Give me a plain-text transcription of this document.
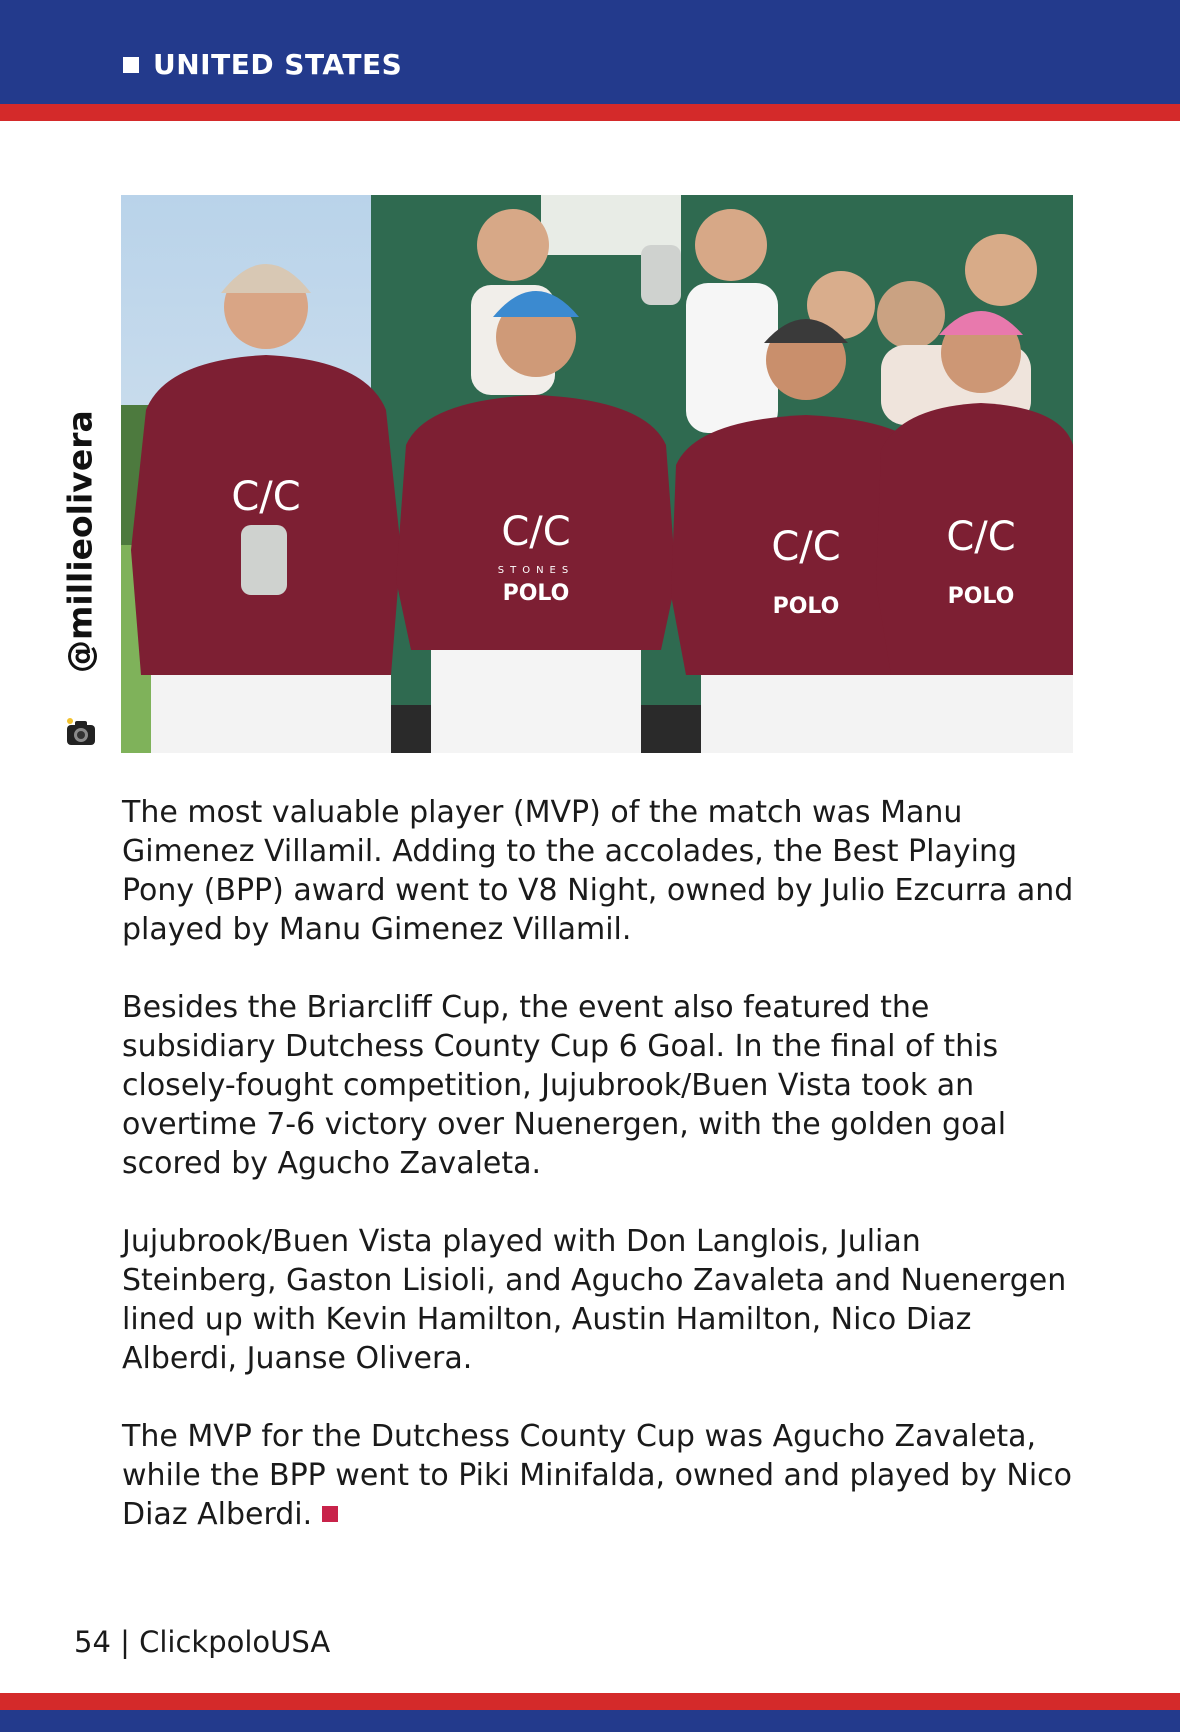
UNITED STATES
C/C
C/C
POLO
C/C
POLO
C/C
POLO
STONES
@millieolivera

The most valuable player (MVP) of the match was Manu Gimenez Villamil. Adding to the accolades, the Best Playing Pony (BPP) award went to V8 Night, owned by Julio Ezcurra and played by Manu Gimenez Villamil.

Besides the Briarcliff Cup, the event also featured the subsidiary Dutchess County Cup 6 Goal. In the final of this closely-fought competition, Jujubrook/Buen Vista took an overtime 7-6 victory over Nuenergen, with the golden goal scored by Agucho Zavaleta.

Jujubrook/Buen Vista played with Don Langlois, Julian Steinberg, Gaston Lisioli, and Agucho Zavaleta and Nuenergen lined up with Kevin Hamilton, Austin Hamilton, Nico Diaz Alberdi, Juanse Olivera.

The MVP for the Dutchess County Cup was Agucho Zavaleta, while the BPP went to Piki Minifalda, owned and played by Nico Diaz Alberdi.

54 | ClickpoloUSA
